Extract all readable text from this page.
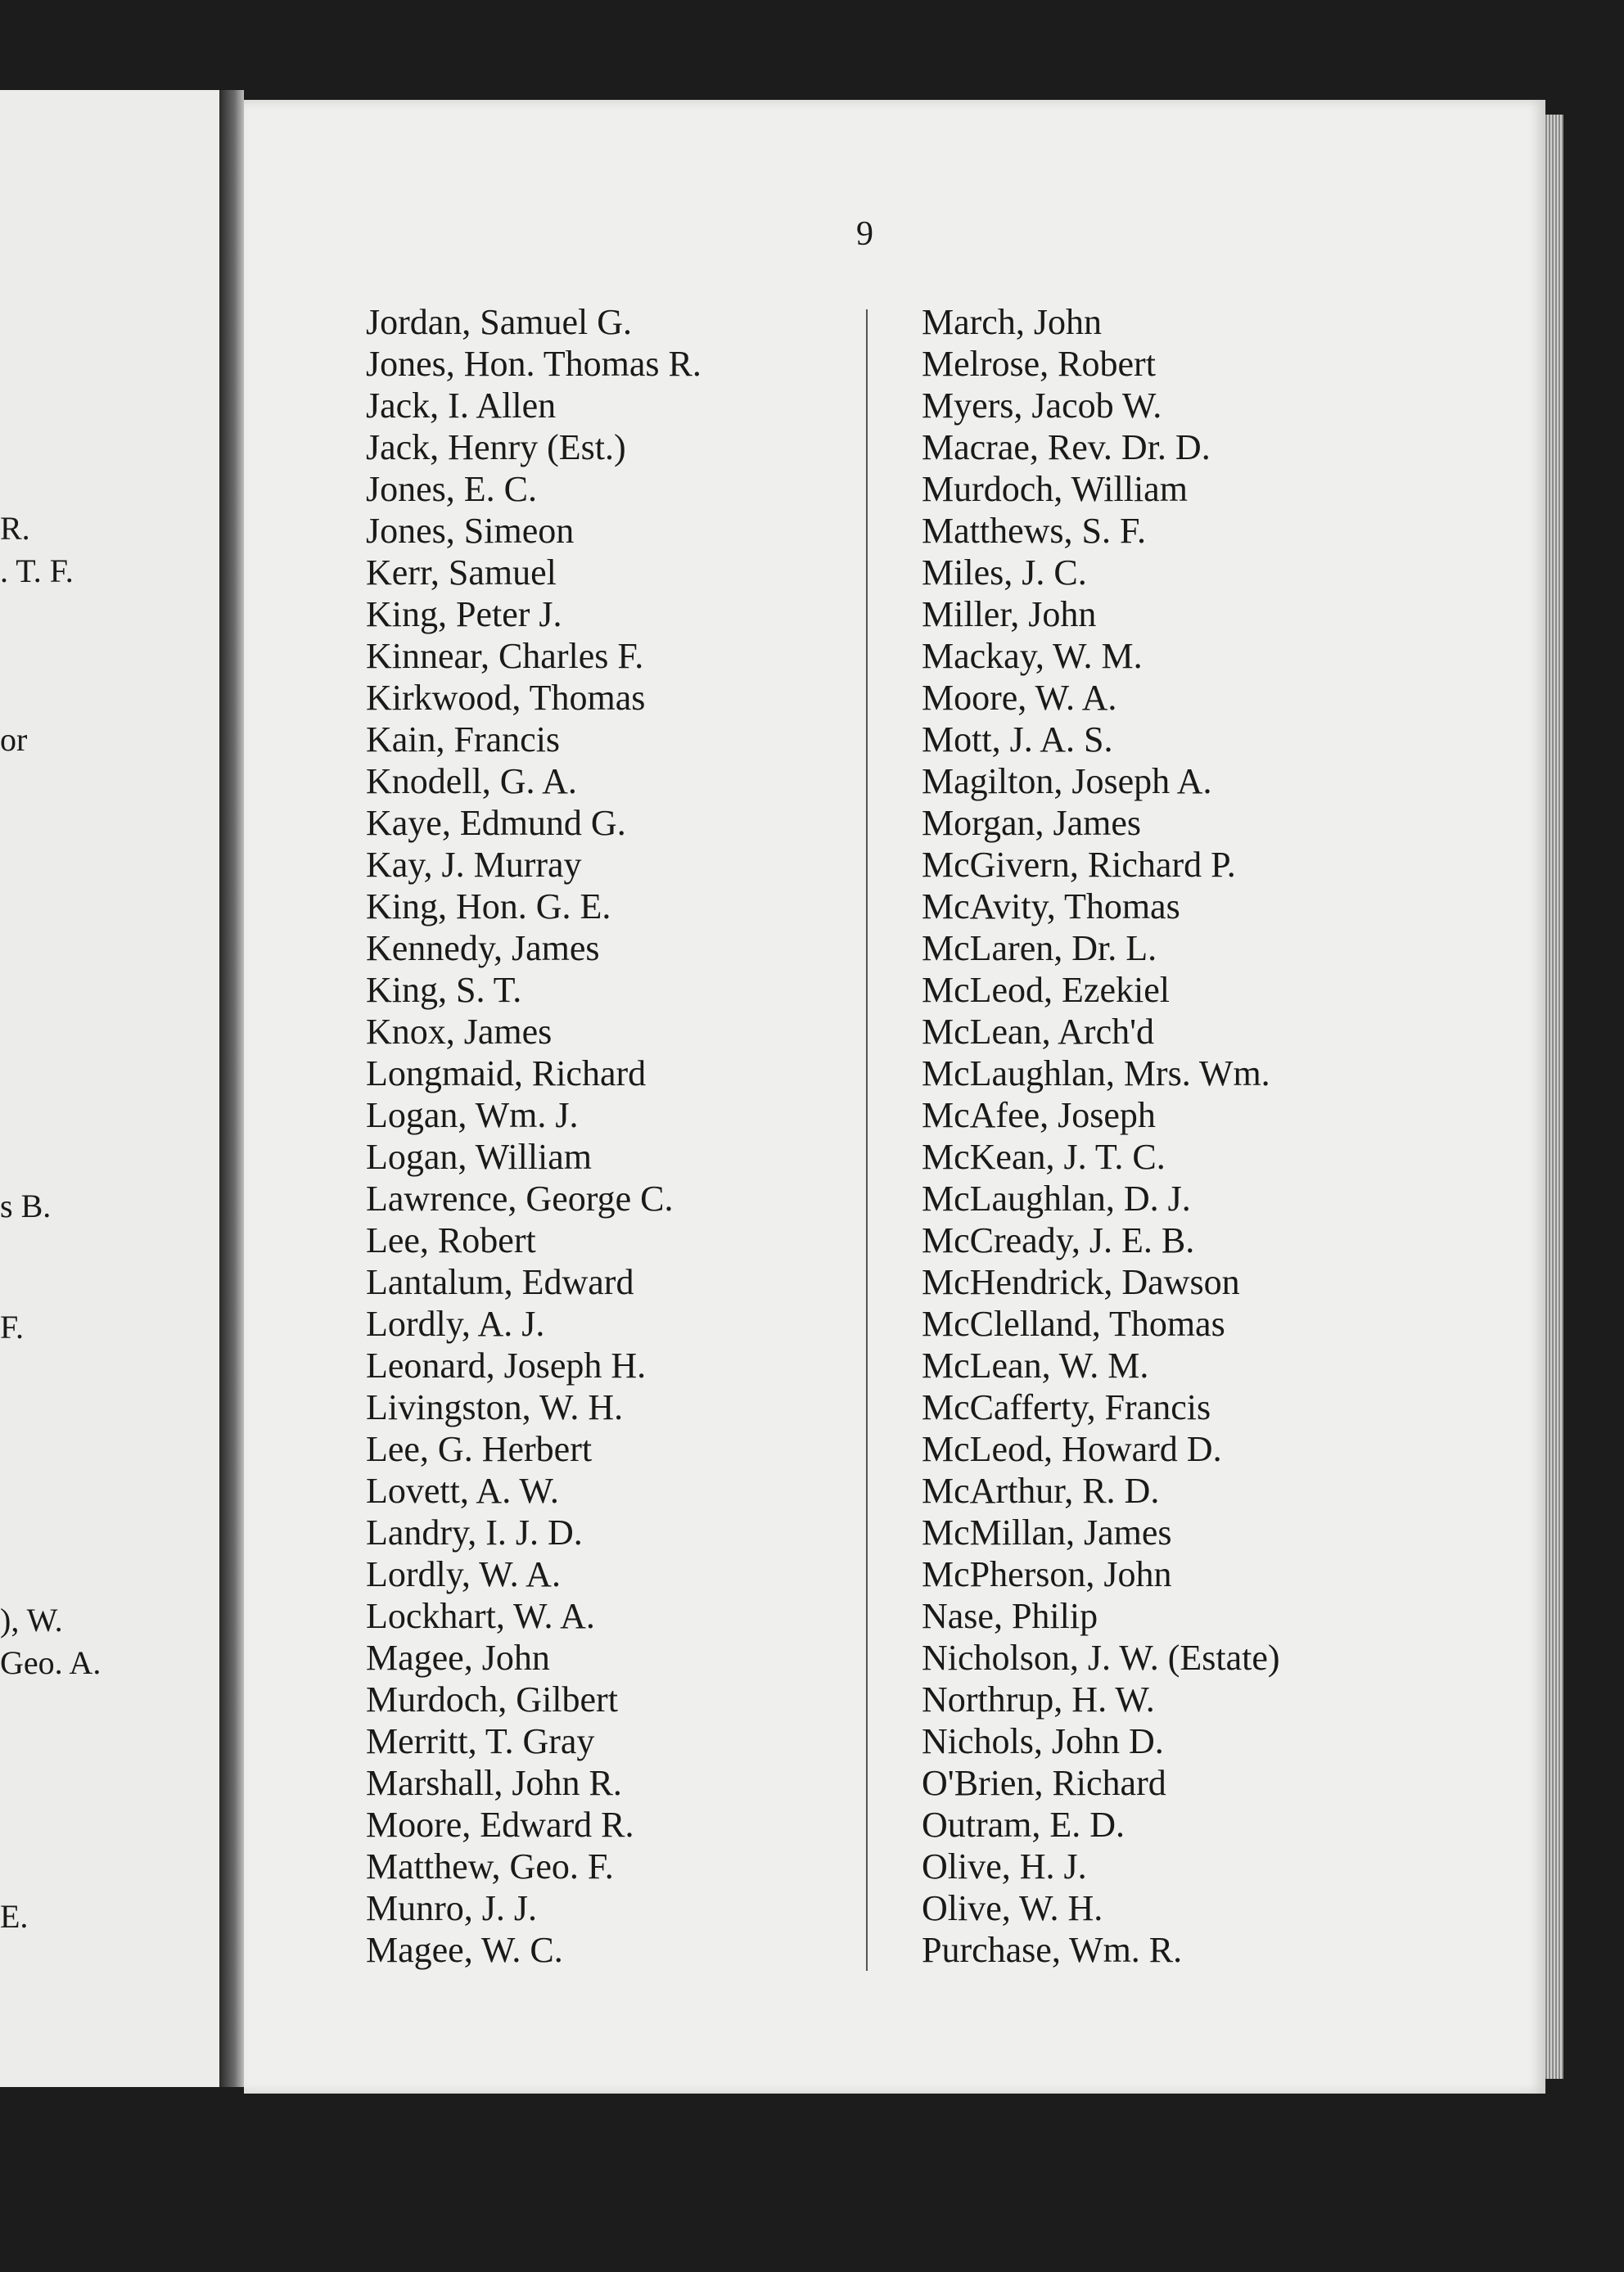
R.
. T. F.
or
s B.
F.
), W.
Geo. A.
E.
9
Jordan, Samuel G.
Jones, Hon. Thomas R.
Jack, I. Allen
Jack, Henry (Est.)
Jones, E. C.
Jones, Simeon
Kerr, Samuel
King, Peter J.
Kinnear, Charles F.
Kirkwood, Thomas
Kain, Francis
Knodell, G. A.
Kaye, Edmund G.
Kay, J. Murray
King, Hon. G. E.
Kennedy, James
King, S. T.
Knox, James
Longmaid, Richard
Logan, Wm. J.
Logan, William
Lawrence, George C.
Lee, Robert
Lantalum, Edward
Lordly, A. J.
Leonard, Joseph H.
Livingston, W. H.
Lee, G. Herbert
Lovett, A. W.
Landry, I. J. D.
Lordly, W. A.
Lockhart, W. A.
Magee, John
Murdoch, Gilbert
Merritt, T. Gray
Marshall, John R.
Moore, Edward R.
Matthew, Geo. F.
Munro, J. J.
Magee, W. C.
March, John
Melrose, Robert
Myers, Jacob W.
Macrae, Rev. Dr. D.
Murdoch, William
Matthews, S. F.
Miles, J. C.
Miller, John
Mackay, W. M.
Moore, W. A.
Mott, J. A. S.
Magilton, Joseph A.
Morgan, James
McGivern, Richard P.
McAvity, Thomas
McLaren, Dr. L.
McLeod, Ezekiel
McLean, Arch'd
McLaughlan, Mrs. Wm.
McAfee, Joseph
McKean, J. T. C.
McLaughlan, D. J.
McCready, J. E. B.
McHendrick, Dawson
McClelland, Thomas
McLean, W. M.
McCafferty, Francis
McLeod, Howard D.
McArthur, R. D.
McMillan, James
McPherson, John
Nase, Philip
Nicholson, J. W. (Estate)
Northrup, H. W.
Nichols, John D.
O'Brien, Richard
Outram, E. D.
Olive, H. J.
Olive, W. H.
Purchase, Wm. R.
